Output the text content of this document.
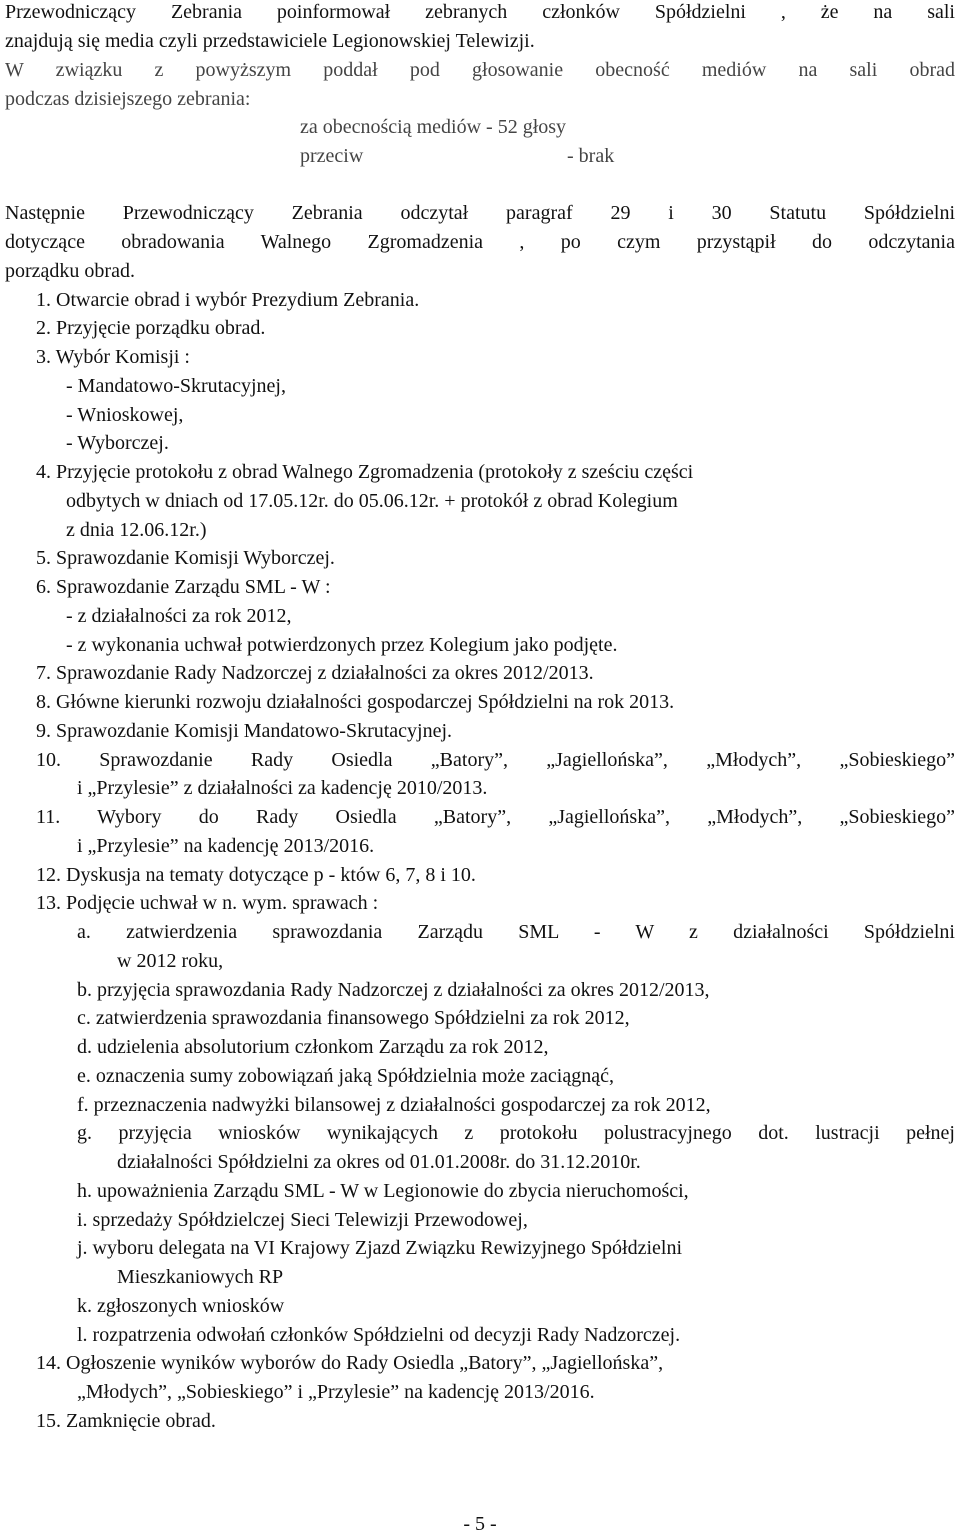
Przewodniczący Zebrania poinformował zebranych członków Spółdzielni , że na sali
znajdują się media czyli przedstawiciele Legionowskiej Telewizji.
W związku z powyższym poddał pod głosowanie obecność mediów na sali obrad
podczas dzisiejszego zebrania:
za obecnością mediów - 52 głosy
przeciw	- brak
Następnie Przewodniczący Zebrania odczytał paragraf 29 i 30 Statutu Spółdzielni
dotyczące obradowania Walnego Zgromadzenia , po czym przystąpił do odczytania
porządku obrad.
1. Otwarcie obrad i wybór Prezydium Zebrania.
2. Przyjęcie porządku obrad.
3. Wybór Komisji :
- Mandatowo-Skrutacyjnej,
- Wnioskowej,
- Wyborczej.
4. Przyjęcie protokołu z obrad Walnego Zgromadzenia (protokoły z sześciu części
odbytych w dniach od 17.05.12r. do 05.06.12r. + protokół z obrad Kolegium
z dnia 12.06.12r.)
5. Sprawozdanie Komisji Wyborczej.
6. Sprawozdanie Zarządu SML - W :
- z działalności za rok 2012,
- z wykonania uchwał potwierdzonych przez Kolegium jako podjęte.
7. Sprawozdanie Rady Nadzorczej z działalności za okres 2012/2013.
8. Główne kierunki rozwoju działalności gospodarczej Spółdzielni na rok 2013.
9. Sprawozdanie Komisji Mandatowo-Skrutacyjnej.
10. Sprawozdanie Rady Osiedla „Batory”, „Jagiellońska”, „Młodych”, „Sobieskiego”
i „Przylesie” z działalności za kadencję 2010/2013.
11. Wybory do Rady Osiedla „Batory”, „Jagiellońska”, „Młodych”, „Sobieskiego”
i „Przylesie” na kadencję 2013/2016.
12. Dyskusja na tematy dotyczące p - któw 6, 7, 8 i 10.
13. Podjęcie uchwał w n. wym. sprawach :
a. zatwierdzenia sprawozdania Zarządu SML - W z działalności Spółdzielni
w 2012 roku,
b. przyjęcia sprawozdania Rady Nadzorczej z działalności za okres 2012/2013,
c. zatwierdzenia sprawozdania finansowego Spółdzielni za rok 2012,
d. udzielenia absolutorium członkom Zarządu za rok 2012,
e. oznaczenia sumy zobowiązań jaką Spółdzielnia może zaciągnąć,
f. przeznaczenia nadwyżki bilansowej z działalności gospodarczej za rok 2012,
g. przyjęcia wniosków wynikających z protokołu polustracyjnego dot. lustracji pełnej
działalności Spółdzielni za okres od 01.01.2008r. do 31.12.2010r.
h. upoważnienia Zarządu SML - W w Legionowie do zbycia nieruchomości,
i. sprzedaży Spółdzielczej Sieci Telewizji Przewodowej,
j. wyboru delegata na VI Krajowy Zjazd Związku Rewizyjnego Spółdzielni
Mieszkaniowych RP
k. zgłoszonych wniosków
l. rozpatrzenia odwołań członków Spółdzielni od decyzji Rady Nadzorczej.
14. Ogłoszenie wyników wyborów do Rady Osiedla „Batory”, „Jagiellońska”,
„Młodych”, „Sobieskiego” i „Przylesie” na kadencję 2013/2016.
15. Zamknięcie obrad.
- 5 -
